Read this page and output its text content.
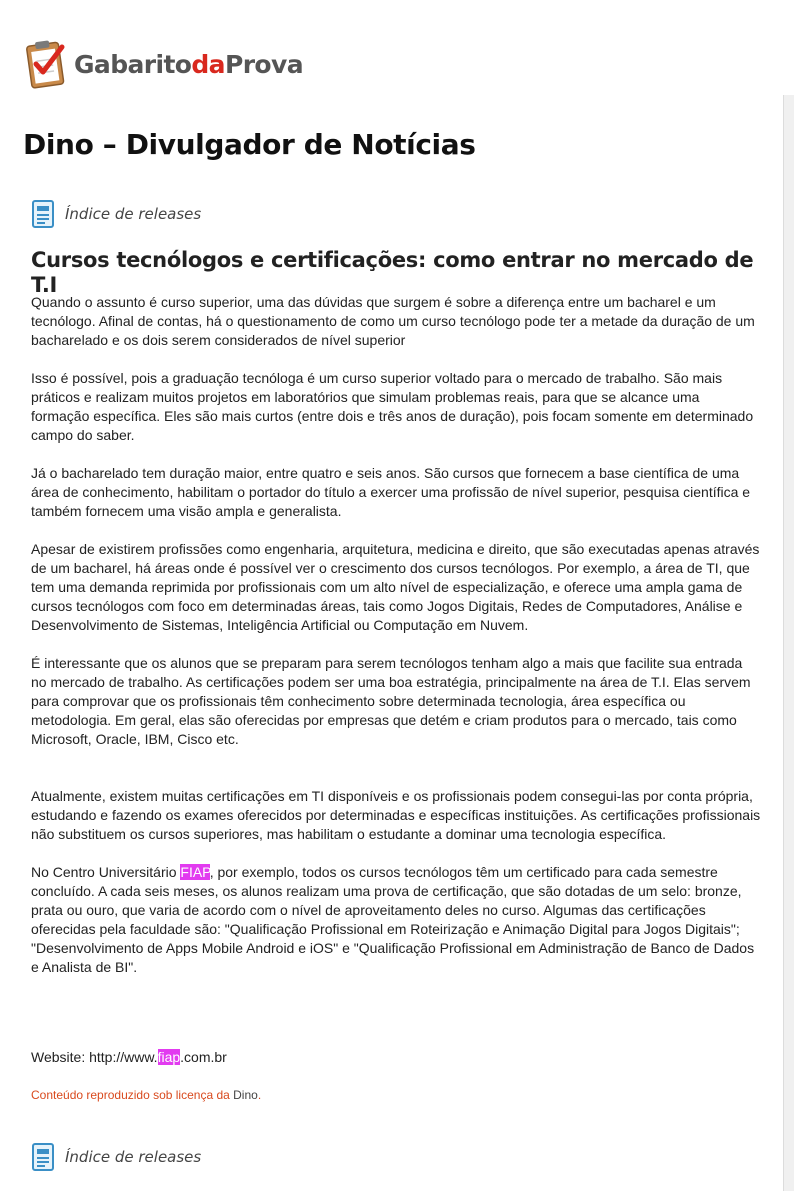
GabaritodaProva
Dino – Divulgador de Notícias
Índice de releases
Cursos tecnólogos e certificações: como entrar no mercado de T.I

Quando o assunto é curso superior, uma das dúvidas que surgem é sobre a diferença entre um bacharel e um tecnólogo. Afinal de contas, há o questionamento de como um curso tecnólogo pode ter a metade da duração de um bacharelado e os dois serem considerados de nível superior

Isso é possível, pois a graduação tecnóloga é um curso superior voltado para o mercado de trabalho. São mais práticos e realizam muitos projetos em laboratórios que simulam problemas reais, para que se alcance uma formação específica. Eles são mais curtos (entre dois e três anos de duração), pois focam somente em determinado campo do saber.

Já o bacharelado tem duração maior, entre quatro e seis anos. São cursos que fornecem a base científica de uma área de conhecimento, habilitam o portador do título a exercer uma profissão de nível superior, pesquisa científica e também fornecem uma visão ampla e generalista.

Apesar de existirem profissões como engenharia, arquitetura, medicina e direito, que são executadas apenas através de um bacharel, há áreas onde é possível ver o crescimento dos cursos tecnólogos. Por exemplo, a área de TI, que tem uma demanda reprimida por profissionais com um alto nível de especialização, e oferece uma ampla gama de cursos tecnólogos com foco em determinadas áreas, tais como Jogos Digitais, Redes de Computadores, Análise e Desenvolvimento de Sistemas, Inteligência Artificial ou Computação em Nuvem.

É interessante que os alunos que se preparam para serem tecnólogos tenham algo a mais que facilite sua entrada no mercado de trabalho. As certificações podem ser uma boa estratégia, principalmente na área de T.I. Elas servem para comprovar que os profissionais têm conhecimento sobre determinada tecnologia, área específica ou metodologia. Em geral, elas são oferecidas por empresas que detém e criam produtos para o mercado, tais como Microsoft, Oracle, IBM, Cisco etc.

Atualmente, existem muitas certificações em TI disponíveis e os profissionais podem consegui-las por conta própria, estudando e fazendo os exames oferecidos por determinadas e específicas instituições. As certificações profissionais não substituem os cursos superiores, mas habilitam o estudante a dominar uma tecnologia específica.

No Centro Universitário FIAP, por exemplo, todos os cursos tecnólogos têm um certificado para cada semestre concluído. A cada seis meses, os alunos realizam uma prova de certificação, que são dotadas de um selo: bronze, prata ou ouro, que varia de acordo com o nível de aproveitamento deles no curso. Algumas das certificações oferecidas pela faculdade são: "Qualificação Profissional em Roteirização e Animação Digital para Jogos Digitais"; "Desenvolvimento de Apps Mobile Android e iOS" e "Qualificação Profissional em Administração de Banco de Dados e Analista de BI".

Website: http://www.fiap.com.br
Conteúdo reproduzido sob licença da Dino.
Índice de releases
